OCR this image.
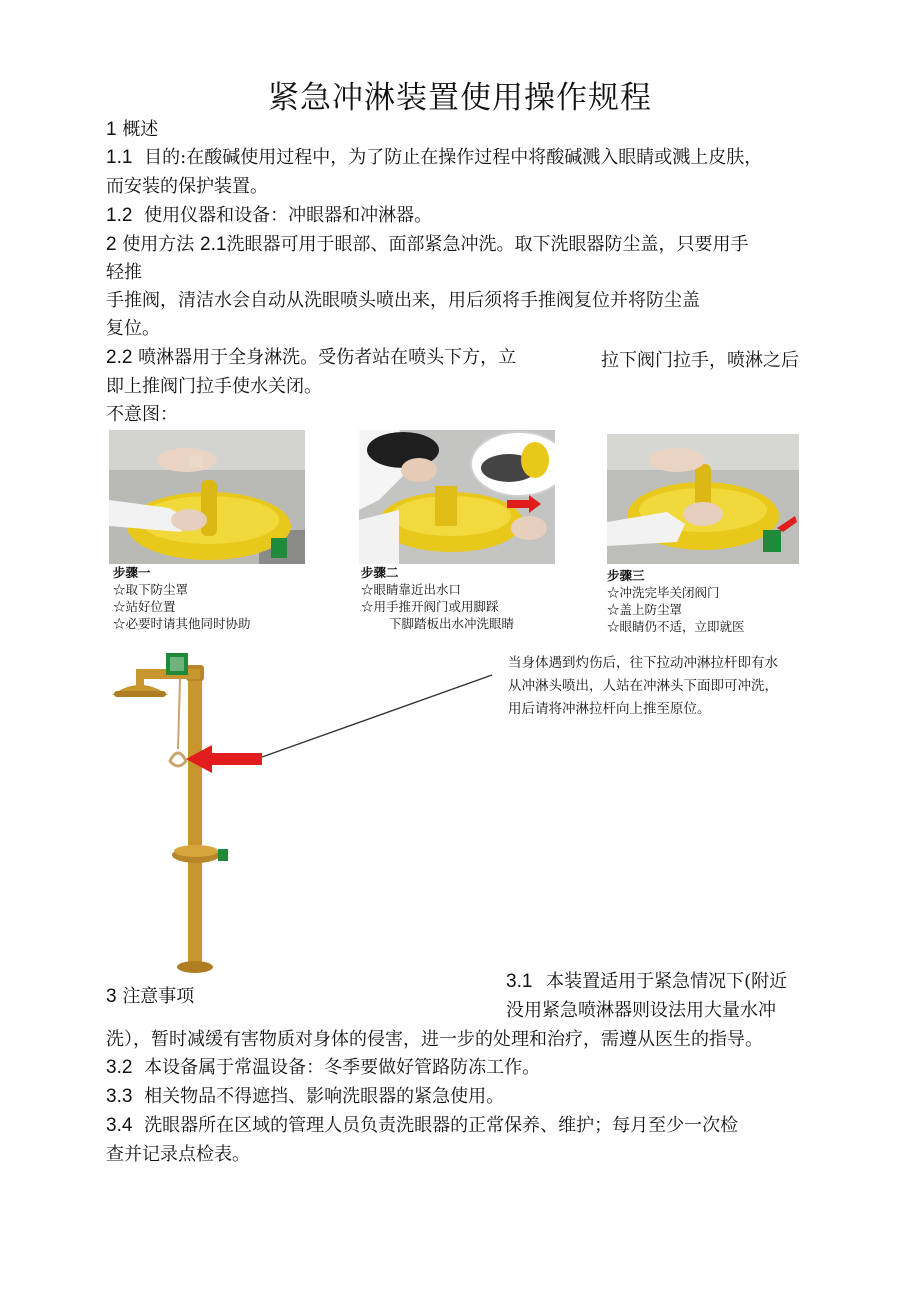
紧急冲淋装置使用操作规程
1 概述
1.1 目的:在酸碱使用过程中，为了防止在操作过程中将酸碱溅入眼睛或溅上皮肤，
而安装的保护装置。
1.2 使用仪器和设备：冲眼器和冲淋器。
2 使用方法 2.1洗眼器可用于眼部、面部紧急冲洗。取下洗眼器防尘盖，只要用手
轻推
手推阀，清洁水会自动从洗眼喷头喷出来，用后须将手推阀复位并将防尘盖
复位。
2.2 喷淋器用于全身淋洗。受伤者站在喷头下方，立	拉下阀门拉手，喷淋之后
即上推阀门拉手使水关闭。
不意图：
步骤一
☆取下防尘罩
☆站好位置
☆必要时请其他同时协助
步骤二
☆眼睛靠近出水口
☆用手推开阀门或用脚踩
下脚踏板出水冲洗眼睛
步骤三
☆冲洗完毕关闭阀门
☆盖上防尘罩
☆眼睛仍不适，立即就医
当身体遇到灼伤后，往下拉动冲淋拉杆即有水
从冲淋头喷出，人站在冲淋头下面即可冲洗，
用后请将冲淋拉杆向上推至原位。
3.1 本装置适用于紧急情况下(附近
3 注意事项
没用紧急喷淋器则设法用大量水冲
洗），暂时减缓有害物质对身体的侵害，进一步的处理和治疗，需遵从医生的指导。
3.2 本设备属于常温设备：冬季要做好管路防冻工作。
3.3 相关物品不得遮挡、影响洗眼器的紧急使用。
3.4 洗眼器所在区域的管理人员负责洗眼器的正常保养、维护；每月至少一次检
查并记录点检表。
